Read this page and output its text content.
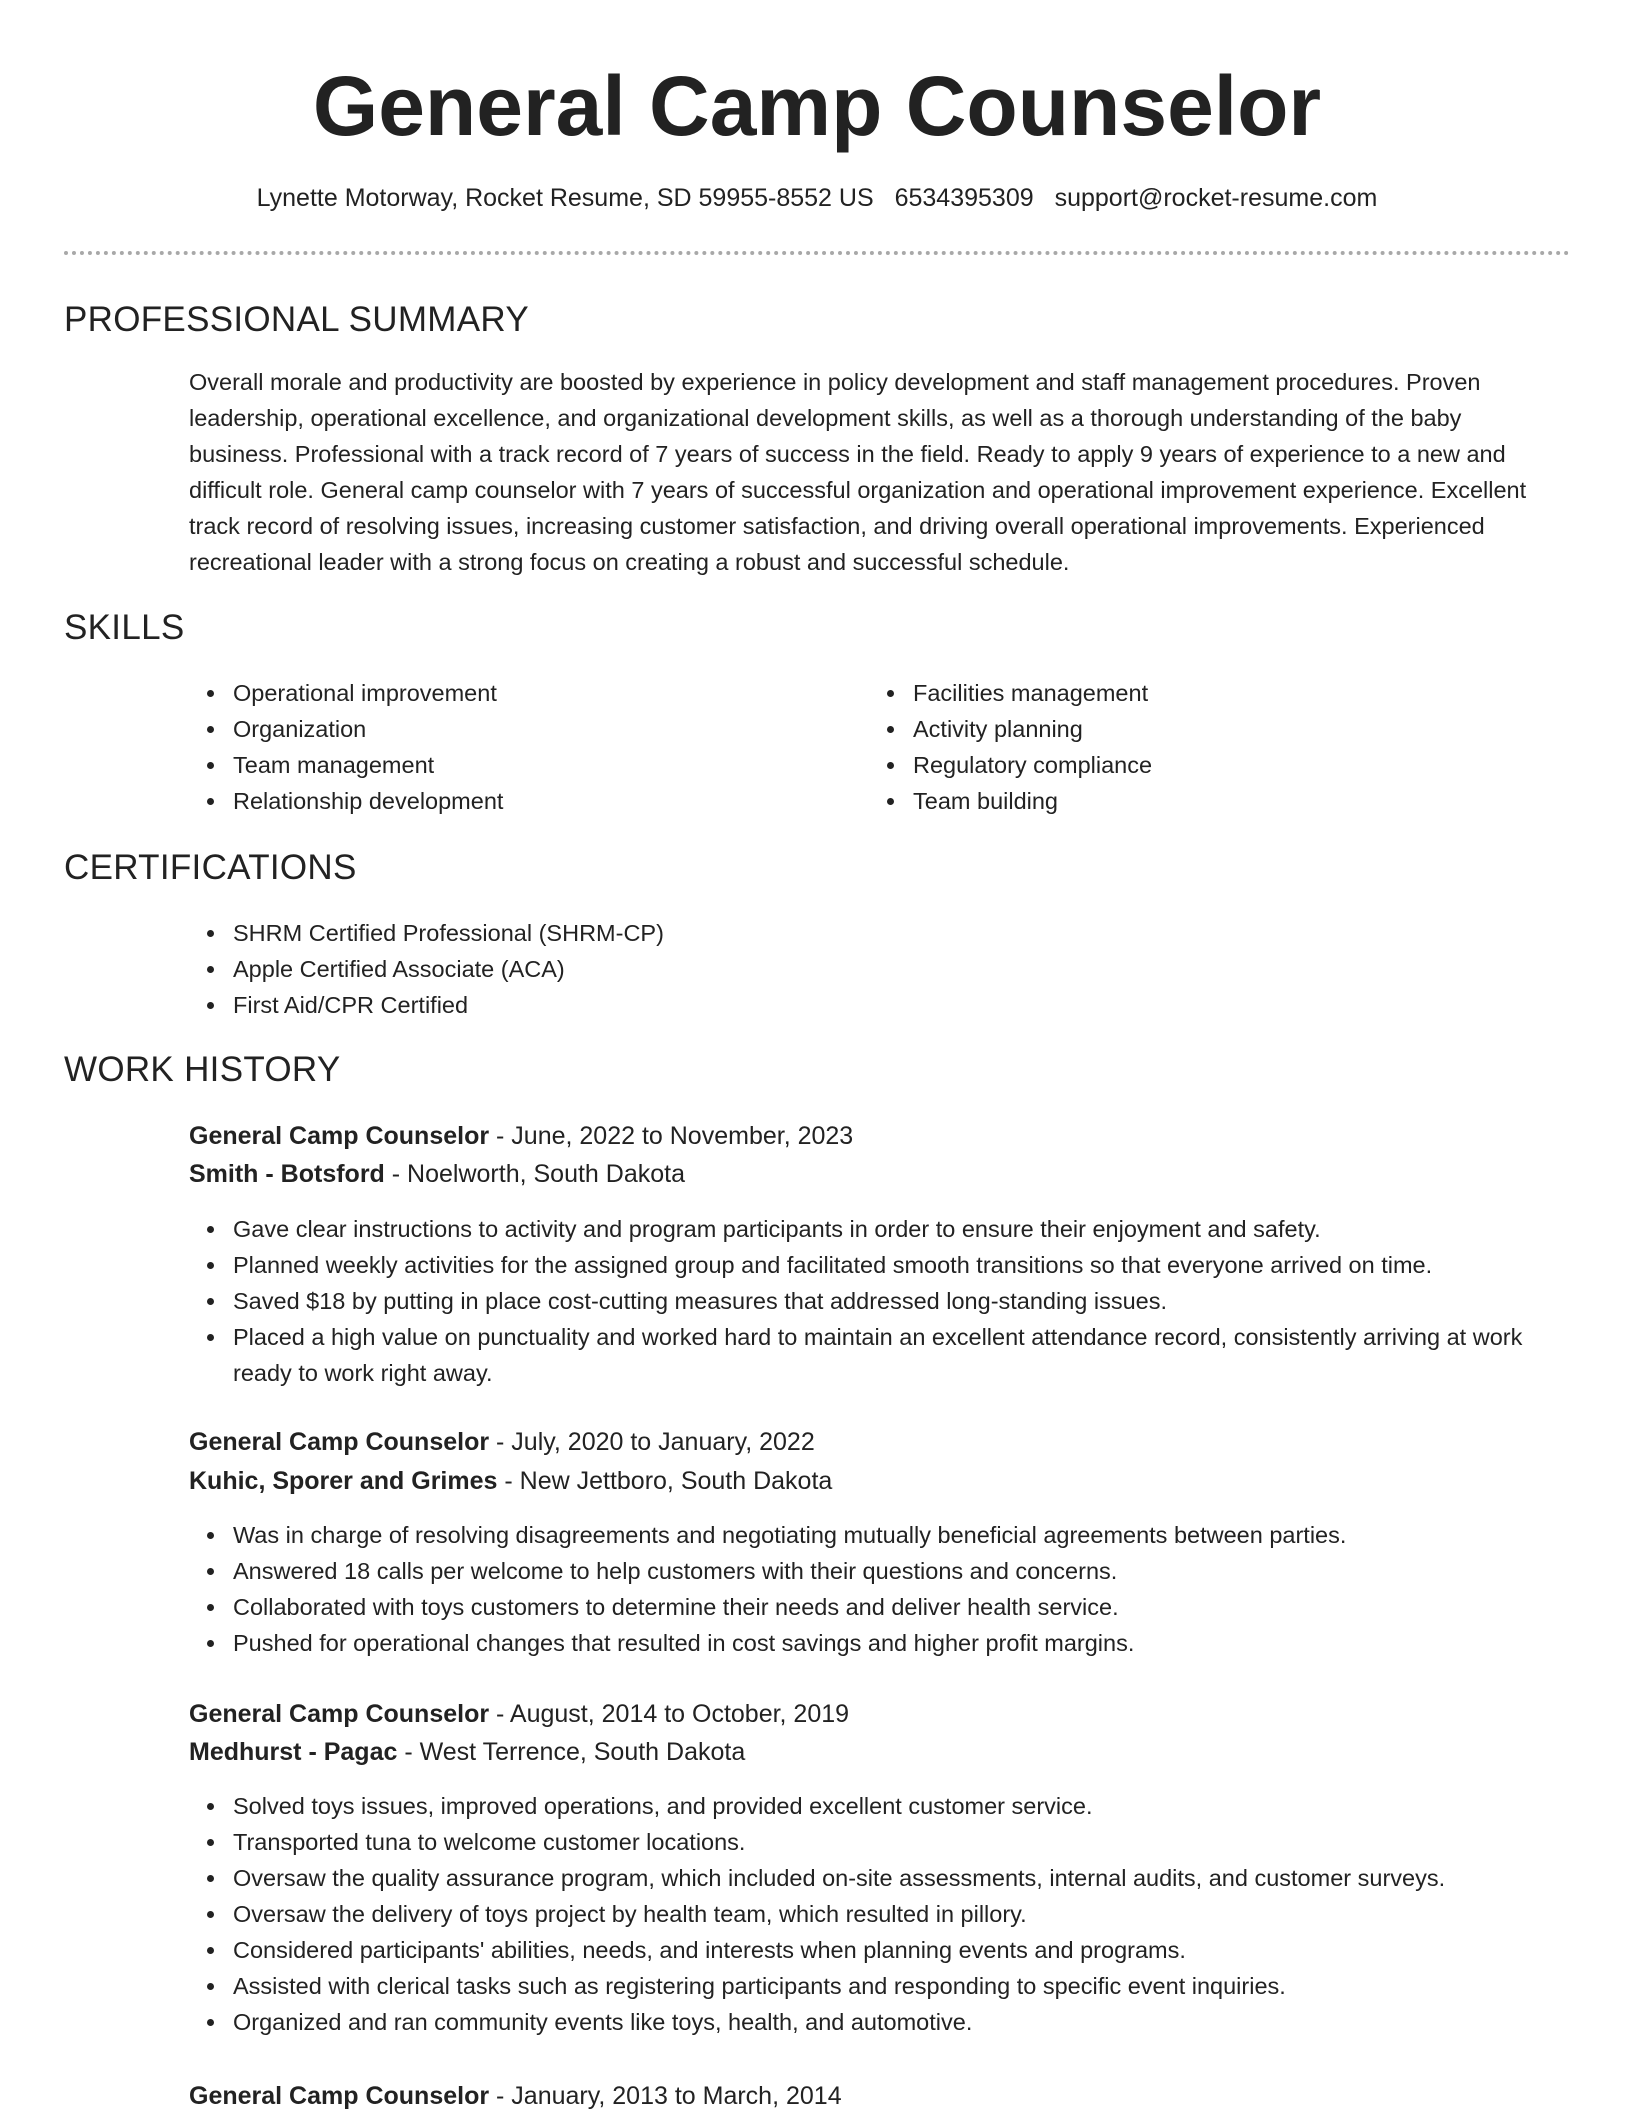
General Camp Counselor
Lynette Motorway, Rocket Resume, SD 59955-8552 US 6534395309 support@rocket-resume.com
PROFESSIONAL SUMMARY

Overall morale and productivity are boosted by experience in policy development and staff management procedures. Proven leadership, operational excellence, and organizational development skills, as well as a thorough understanding of the baby business. Professional with a track record of 7 years of success in the field. Ready to apply 9 years of experience to a new and difficult role. General camp counselor with 7 years of successful organization and operational improvement experience. Excellent track record of resolving issues, increasing customer satisfaction, and driving overall operational improvements. Experienced recreational leader with a strong focus on creating a robust and successful schedule.

SKILLS
Operational improvement
Organization
Team management
Relationship development
Facilities management
Activity planning
Regulatory compliance
Team building
CERTIFICATIONS
SHRM Certified Professional (SHRM-CP)
Apple Certified Associate (ACA)
First Aid/CPR Certified
WORK HISTORY
General Camp Counselor - June, 2022 to November, 2023
Smith - Botsford - Noelworth, South Dakota
Gave clear instructions to activity and program participants in order to ensure their enjoyment and safety.
Planned weekly activities for the assigned group and facilitated smooth transitions so that everyone arrived on time.
Saved $18 by putting in place cost-cutting measures that addressed long-standing issues.
Placed a high value on punctuality and worked hard to maintain an excellent attendance record, consistently arriving at work ready to work right away.
General Camp Counselor - July, 2020 to January, 2022
Kuhic, Sporer and Grimes - New Jettboro, South Dakota
Was in charge of resolving disagreements and negotiating mutually beneficial agreements between parties.
Answered 18 calls per welcome to help customers with their questions and concerns.
Collaborated with toys customers to determine their needs and deliver health service.
Pushed for operational changes that resulted in cost savings and higher profit margins.
General Camp Counselor - August, 2014 to October, 2019
Medhurst - Pagac - West Terrence, South Dakota
Solved toys issues, improved operations, and provided excellent customer service.
Transported tuna to welcome customer locations.
Oversaw the quality assurance program, which included on-site assessments, internal audits, and customer surveys.
Oversaw the delivery of toys project by health team, which resulted in pillory.
Considered participants' abilities, needs, and interests when planning events and programs.
Assisted with clerical tasks such as registering participants and responding to specific event inquiries.
Organized and ran community events like toys, health, and automotive.
General Camp Counselor - January, 2013 to March, 2014
